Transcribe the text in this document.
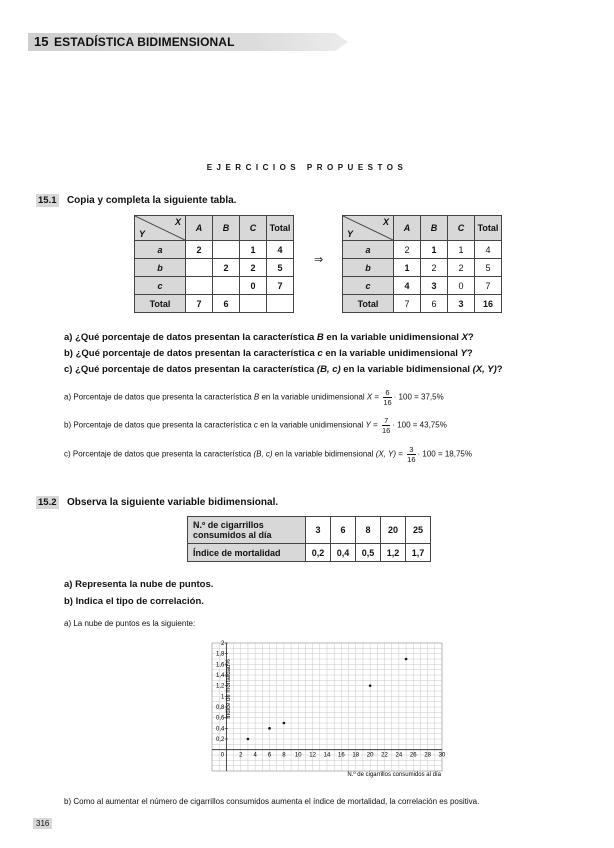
15 ESTADÍSTICA BIDIMENSIONAL
EJERCICIOS PROPUESTOS
15.1 Copia y completa la siguiente tabla.
X
Y	A	B	C	Total
a	2		1	4
b		2	2	5
c			0	7
Total	7	6		
⇒
X
Y	A	B	C	Total
a	2	1	1	4
b	1	2	2	5
c	4	3	0	7
Total	7	6	3	16
a) ¿Qué porcentaje de datos presentan la característica B en la variable unidimensional X?
b) ¿Qué porcentaje de datos presentan la característica c en la variable unidimensional Y?
c) ¿Qué porcentaje de datos presentan la característica (B, c) en la variable bidimensional (X, Y)?
a) Porcentaje de datos que presenta la característica B en la variable unidimensional $X = \frac{6}{16} \cdot 100 = 37,5\%$
b) Porcentaje de datos que presenta la característica c en la variable unidimensional $Y = \frac{7}{16} \cdot 100 = 43,75\%$
c) Porcentaje de datos que presenta la característica (B, c) en la variable bidimensional (X, $Y) = \frac{3}{16} \cdot 100 = 18,75\%$
15.2 Observa la siguiente variable bidimensional.
N.º de cigarrillos consumidos al día	3	6	8	20	25
Índice de mortalidad	0,2	0,4	0,5	1,2	1,7
a) Representa la nube de puntos.
b) Indica el tipo de correlación.
a) La nube de puntos es la siguiente:
0	2 4 6 8 10 12 14 16 18 20 22 24 26 28 30
0,2
0,4
0,6
0,8
1
1,2
1,4
1,6
1,8
2
N.º de cigarrillos consumidos al día
Índice de mortalidad%
b) Como al aumentar el número de cigarrillos consumidos aumenta el índice de mortalidad, la correlación es positiva.
316
